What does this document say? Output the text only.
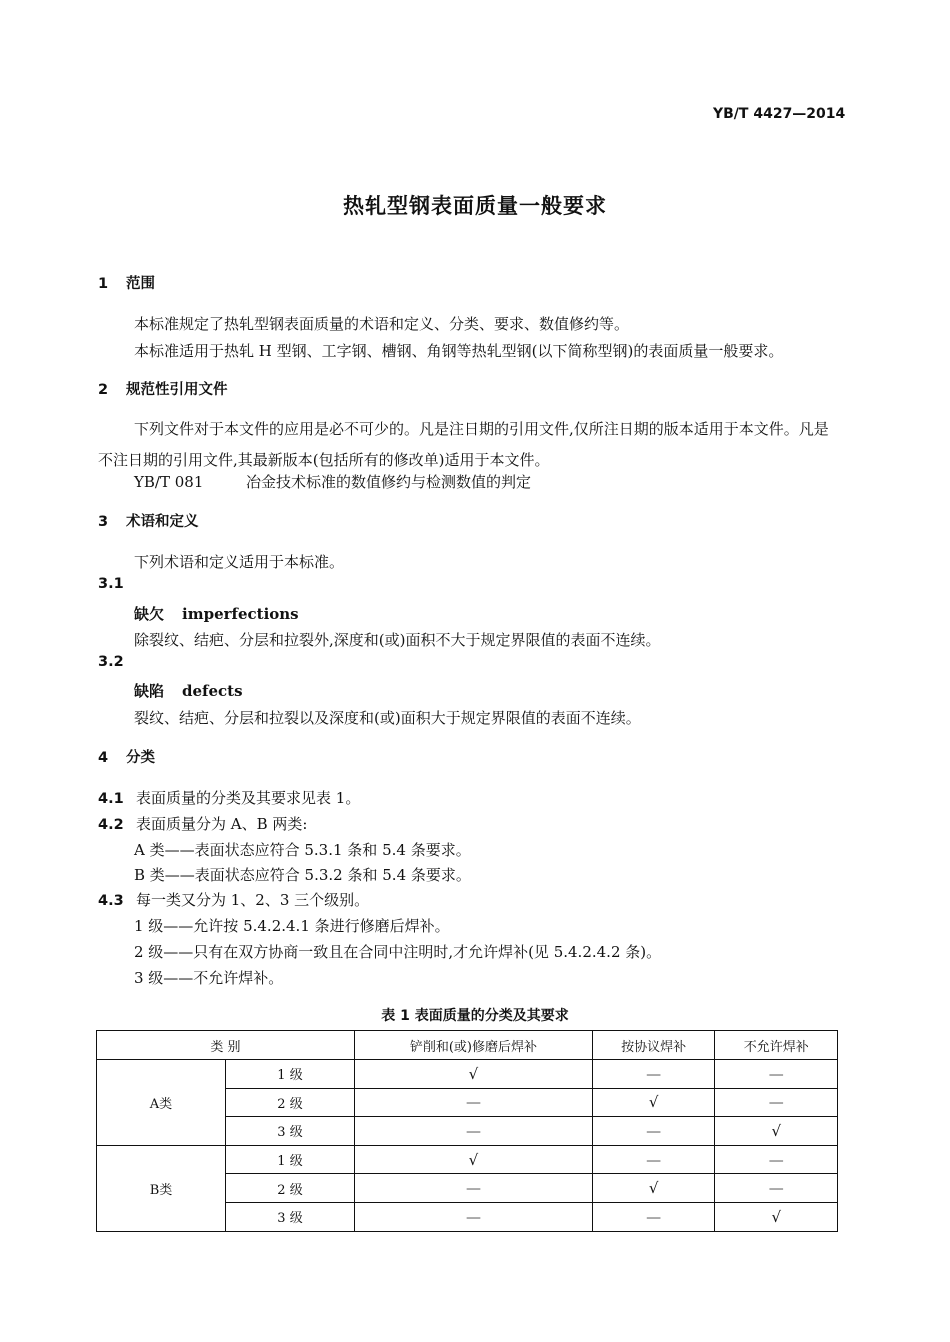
YB/T 4427—2014
热轧型钢表面质量一般要求
1 范围
本标准规定了热轧型钢表面质量的术语和定义、分类、要求、数值修约等。
本标准适用于热轧 H 型钢、工字钢、槽钢、角钢等热轧型钢(以下简称型钢)的表面质量一般要求。
2 规范性引用文件
下列文件对于本文件的应用是必不可少的。凡是注日期的引用文件,仅所注日期的版本适用于本文件。凡是不注日期的引用文件,其最新版本(包括所有的修改单)适用于本文件。
YB/T 081	冶金技术标准的数值修约与检测数值的判定
3 术语和定义
下列术语和定义适用于本标准。
3.1
缺欠 imperfections
除裂纹、结疤、分层和拉裂外,深度和(或)面积不大于规定界限值的表面不连续。
3.2
缺陷 defects
裂纹、结疤、分层和拉裂以及深度和(或)面积大于规定界限值的表面不连续。
4 分类
4.1 表面质量的分类及其要求见表 1。
4.2 表面质量分为 A、B 两类:
A 类——表面状态应符合 5.3.1 条和 5.4 条要求。
B 类——表面状态应符合 5.3.2 条和 5.4 条要求。
4.3 每一类又分为 1、2、3 三个级别。
1 级——允许按 5.4.2.4.1 条进行修磨后焊补。
2 级——只有在双方协商一致且在合同中注明时,才允许焊补(见 5.4.2.4.2 条)。
3 级——不允许焊补。
表 1 表面质量的分类及其要求
类 别		铲削和(或)修磨后焊补	按协议焊补	不允许焊补
A类	1 级	√	—	—
	2 级	—	√	—
	3 级	—	—	√
B类	1 级	√	—	—
	2 级	—	√	—
	3 级	—	—	√
